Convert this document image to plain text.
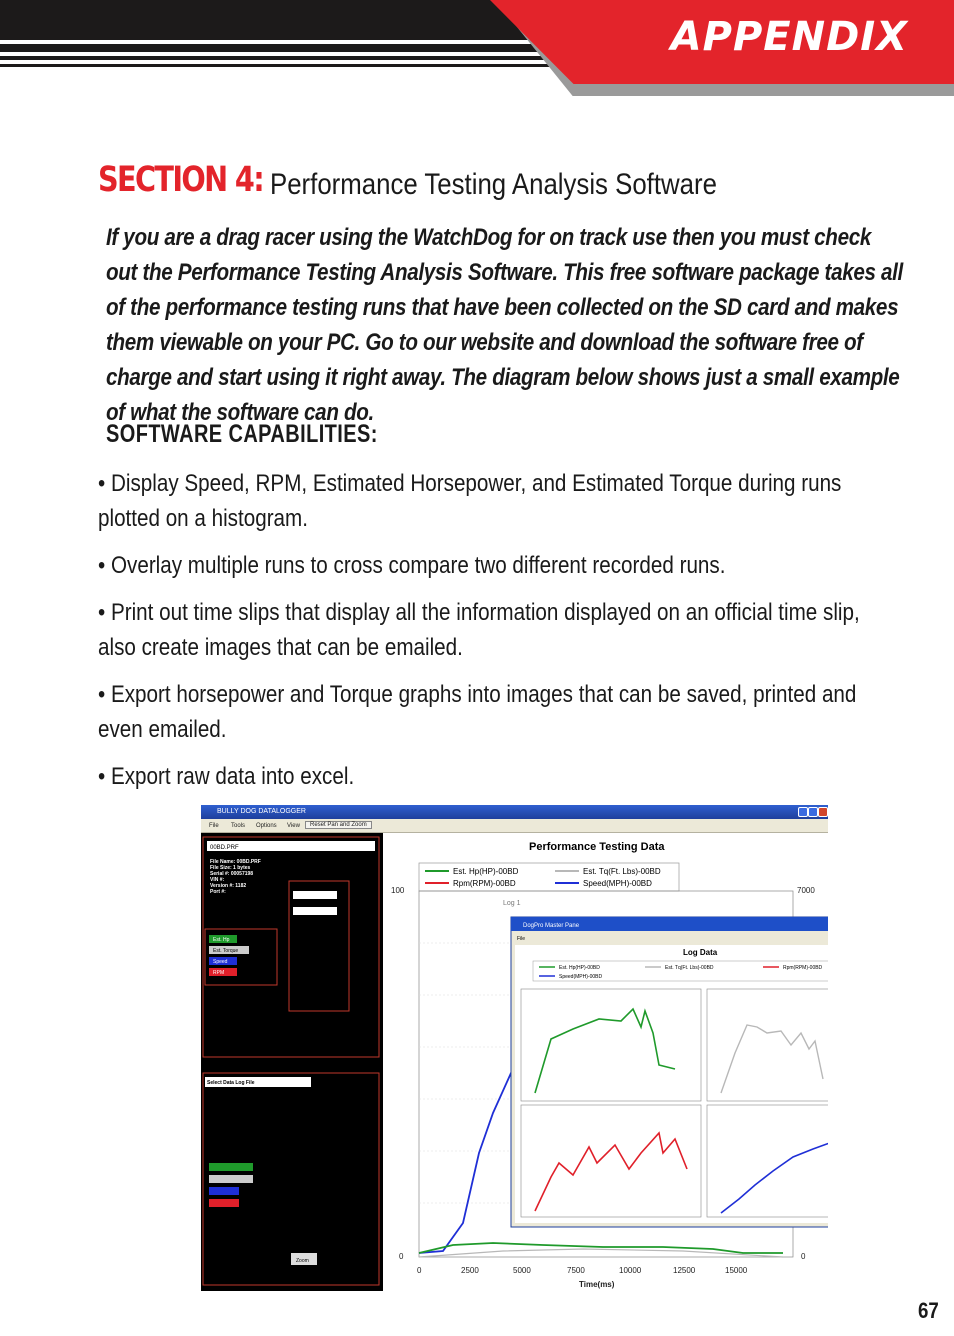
APPENDIX
SECTION 4: Performance Testing Analysis Software
If you are a drag racer using the WatchDog for on track use then you must check out the Performance Testing Analysis Software. This free software package takes all of the performance testing runs that have been collected on the SD card and makes them viewable on your PC. Go to our website and download the software free of charge and start using it right away. The diagram below shows just a small example of what the software can do.
SOFTWARE CAPABILITIES:
• Display Speed, RPM, Estimated Horsepower, and Estimated Torque during runs plotted on a histogram.
• Overlay multiple runs to cross compare two different recorded runs.
• Print out time slips that display all the information displayed on an official time slip, also create images that can be emailed.
• Export horsepower and Torque graphs into images that can be saved, printed and even emailed.
• Export raw data into excel.
BULLY DOG DATALOGGER
File Tools Options View	Reset Pan and Zoom
00BD.PRF
File Name: 00BD.PRF
File Size: 1 bytes
Serial #: 00057198
VIN #:
Version #: 1182
Port #:
Est. Hp
Est. Torque
Speed
RPM
Select Data Log File
Zoom
Performance Testing Data
Est. Hp(HP)-00BD	Est. Tq(Ft. Lbs)-00BD
Rpm(RPM)-00BD	Speed(MPH)-00BD
100
0
7000
0
0	2500	5000	7500	10000	12500	15000
Time(ms)
Log 1
DogPro Master Pane
File
Log Data
Est. Hp(HP)-00BD	Est. Tq(Ft. Lbs)-00BD	Rpm(RPM)-00BD
Speed(MPH)-00BD
67
